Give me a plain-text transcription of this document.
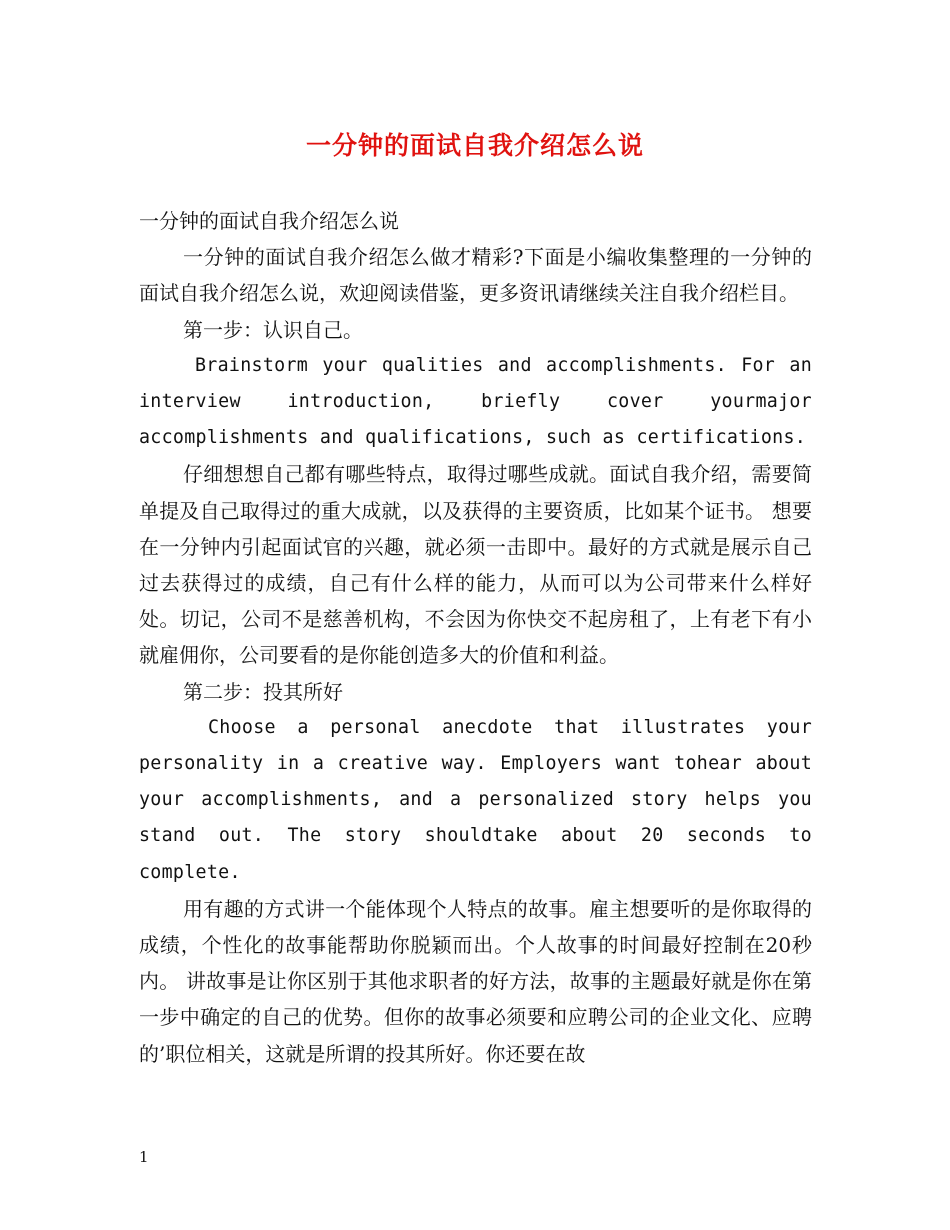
一分钟的面试自我介绍怎么说

一分钟的面试自我介绍怎么说

一分钟的面试自我介绍怎么做才精彩?下面是小编收集整理的一分钟的面试自我介绍怎么说，欢迎阅读借鉴，更多资讯请继续关注自我介绍栏目。

第一步：认识自己。

Brainstorm your qualities and accomplishments. For an interview introduction, briefly cover yourmajor accomplishments and qualifications, such as certifications.

仔细想想自己都有哪些特点，取得过哪些成就。面试自我介绍，需要简单提及自己取得过的重大成就，以及获得的主要资质，比如某个证书。 想要在一分钟内引起面试官的兴趣，就必须一击即中。最好的方式就是展示自己过去获得过的成绩，自己有什么样的能力，从而可以为公司带来什么样好处。切记，公司不是慈善机构，不会因为你快交不起房租了，上有老下有小就雇佣你，公司要看的是你能创造多大的价值和利益。

第二步：投其所好

Choose a personal anecdote that illustrates your personality in a creative way. Employers want tohear about your accomplishments, and a personalized story helps you stand out. The story shouldtake about 20 seconds to complete.

用有趣的方式讲一个能体现个人特点的故事。雇主想要听的是你取得的成绩，个性化的故事能帮助你脱颖而出。个人故事的时间最好控制在20秒内。 讲故事是让你区别于其他求职者的好方法，故事的主题最好就是你在第一步中确定的自己的优势。但你的故事必须要和应聘公司的企业文化、应聘的’职位相关，这就是所谓的投其所好。你还要在故

1
